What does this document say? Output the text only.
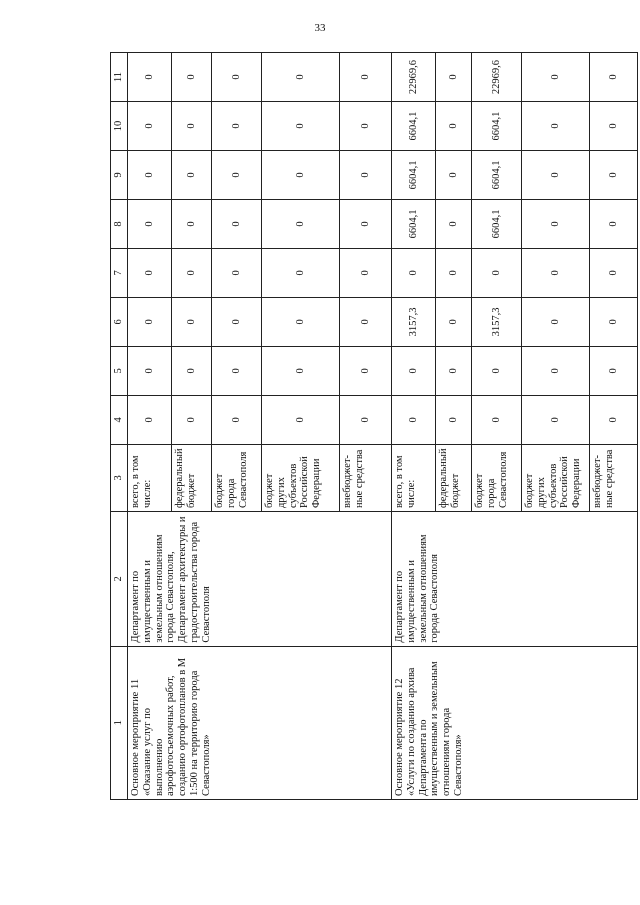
33
1	2	3	4	5	6	7	8	9	10	11
Основное мероприятие 11 «Оказание услуг по выполнению аэрофотосъемочных работ, созданию ортофотопланов в М 1:500 на территорию города Севастополя»	Департамент по имущественным и земельным отношениям города Севастополя, Департамент архитектуры и градостроительства города Севастополя	всего, в том числе:	0	0	0	0	0	0	0	0
		федеральный бюджет	0	0	0	0	0	0	0	0
		бюджет города Севастополя	0	0	0	0	0	0	0	0
		бюджет других субъектов Российской Федерации	0	0	0	0	0	0	0	0
		внебюджет-ные средства	0	0	0	0	0	0	0	0
Основное мероприятие 12 «Услуги по созданию архива Департамента по имущественным и земельным отношениям города Севастополя»	Департамент по имущественным и земельным отношениям города Севастополя	всего, в том числе:	0	0	3157,3	0	6604,1	6604,1	6604,1	22969,6
		федеральный бюджет	0	0	0	0	0	0	0	0
		бюджет города Севастополя	0	0	3157,3	0	6604,1	6604,1	6604,1	22969,6
		бюджет других субъектов Российской Федерации	0	0	0	0	0	0	0	0
		внебюджет-ные средства	0	0	0	0	0	0	0	0
